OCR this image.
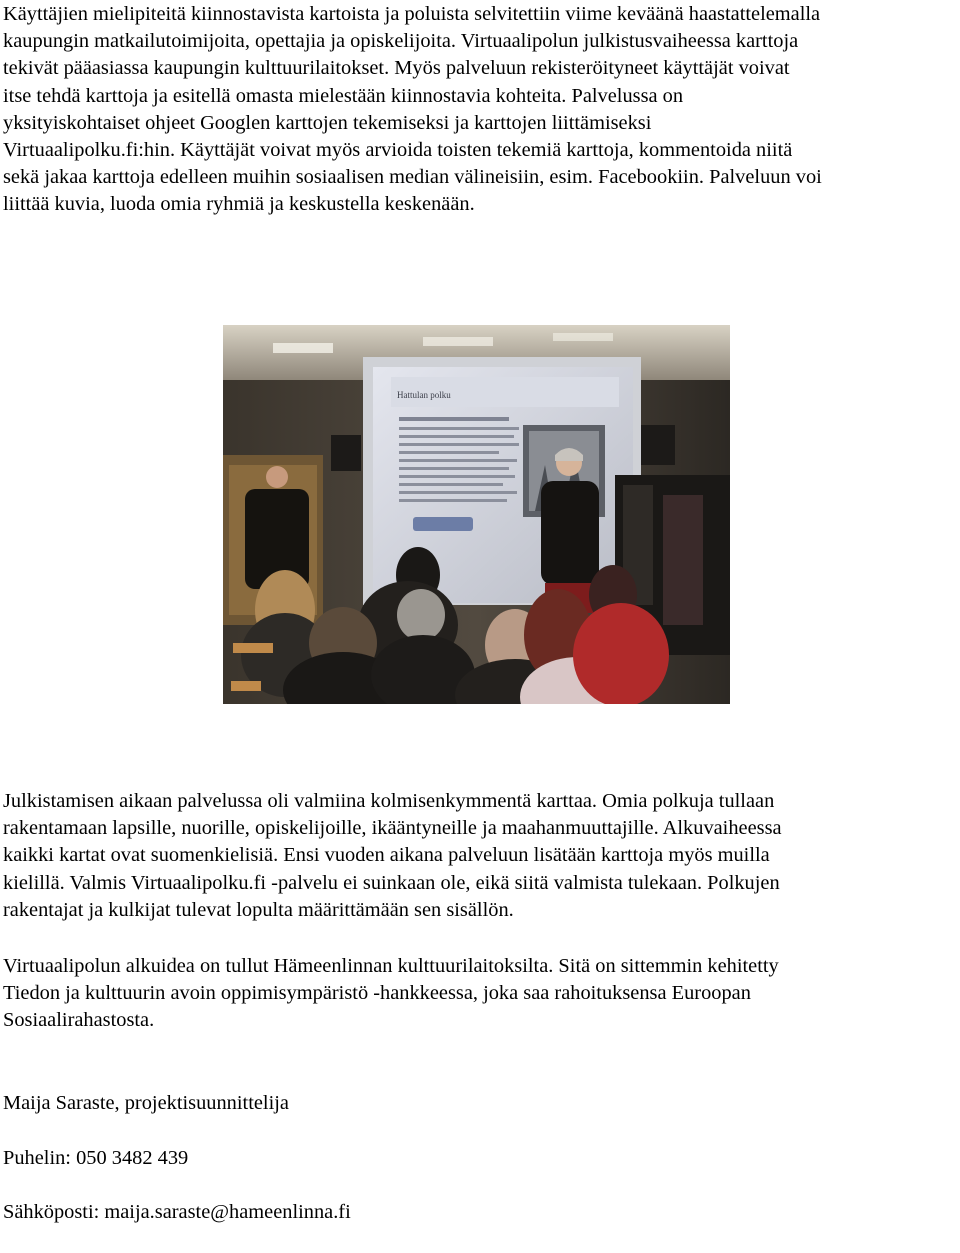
Käyttäjien mielipiteitä kiinnostavista kartoista ja poluista selvitettiin viime keväänä haastattelemalla
kaupungin matkailutoimijoita, opettajia ja opiskelijoita. Virtuaalipolun julkistusvaiheessa karttoja
tekivät pääasiassa kaupungin kulttuurilaitokset. Myös palveluun rekisteröityneet käyttäjät voivat
itse tehdä karttoja ja esitellä omasta mielestään kiinnostavia kohteita. Palvelussa on
yksityiskohtaiset ohjeet Googlen karttojen tekemiseksi ja karttojen liittämiseksi
Virtuaalipolku.fi:hin. Käyttäjät voivat myös arvioida toisten tekemiä karttoja, kommentoida niitä
sekä jakaa karttoja edelleen muihin sosiaalisen median välineisiin, esim. Facebookiin. Palveluun voi
liittää kuvia, luoda omia ryhmiä ja keskustella keskenään.

Hattulan polku

Julkistamisen aikaan palvelussa oli valmiina kolmisenkymmentä karttaa. Omia polkuja tullaan
rakentamaan lapsille, nuorille, opiskelijoille, ikääntyneille ja maahanmuuttajille. Alkuvaiheessa
kaikki kartat ovat suomenkielisiä. Ensi vuoden aikana palveluun lisätään karttoja myös muilla
kielillä. Valmis Virtuaalipolku.fi -palvelu ei suinkaan ole, eikä siitä valmista tulekaan. Polkujen
rakentajat ja kulkijat tulevat lopulta määrittämään sen sisällön.

Virtuaalipolun alkuidea on tullut Hämeenlinnan kulttuurilaitoksilta. Sitä on sittemmin kehitetty
Tiedon ja kulttuurin avoin oppimisympäristö -hankkeessa, joka saa rahoituksensa Euroopan
Sosiaalirahastosta.

Maija Saraste, projektisuunnittelija

Puhelin: 050 3482 439

Sähköposti: maija.saraste@hameenlinna.fi
